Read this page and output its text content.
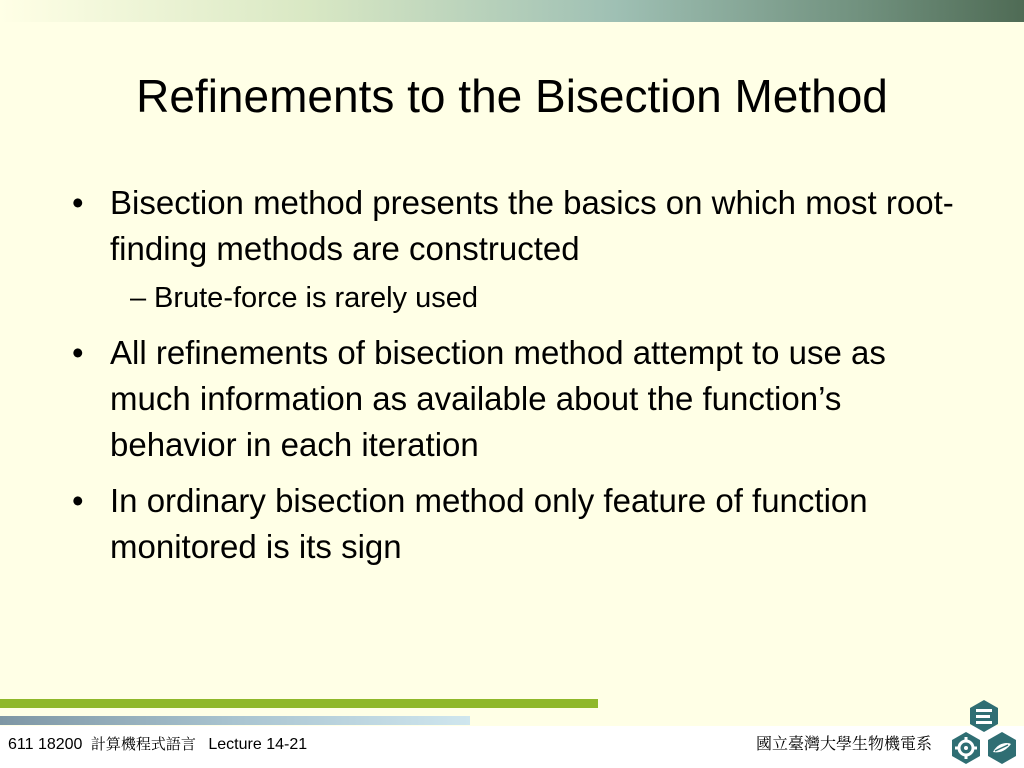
Refinements to the Bisection Method
• Bisection method presents the basics on which most root-finding methods are constructed
– Brute-force is rarely used
• All refinements of bisection method attempt to use as much information as available about the function’s behavior in each iteration
• In ordinary bisection method only feature of function monitored is its sign
611 18200 計算機程式語言 Lecture 14-21	國立臺灣大學生物機電系
